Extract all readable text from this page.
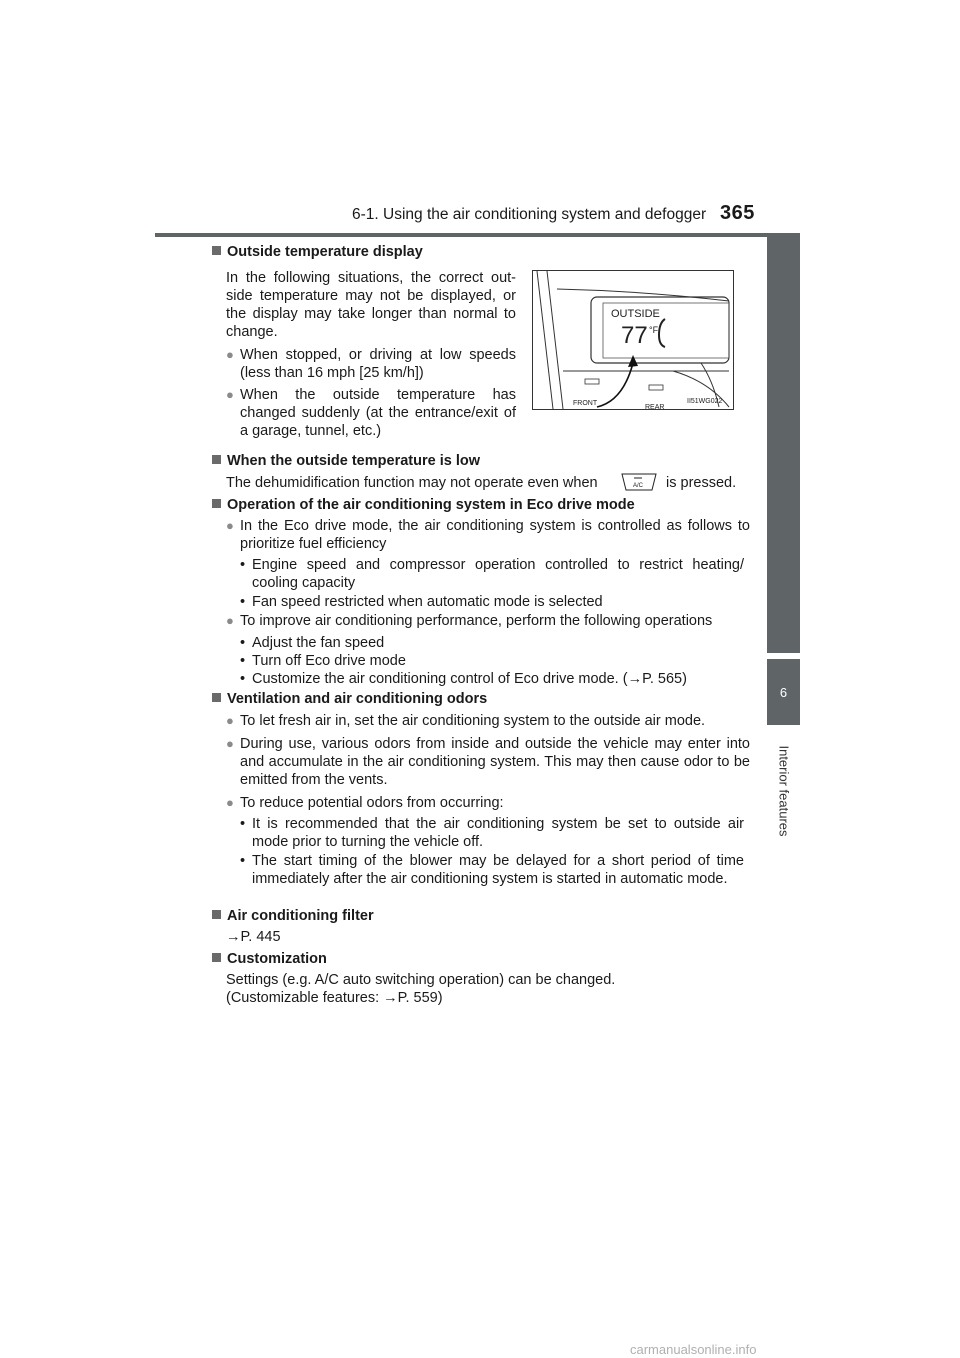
6-1. Using the air conditioning system and defogger 365
6
Interior features
Outside temperature display
In the following situations, the correct out-side temperature may not be displayed, or the display may take longer than normal to change.
● When stopped, or driving at low speeds (less than 16 mph [25 km/h])
● When the outside temperature has changed suddenly (at the entrance/exit of a garage, tunnel, etc.)
OUTSIDE
77 °F
FRONT
REAR
II51WG022
When the outside temperature is low
The dehumidification function may not operate even when	A/C is pressed.
Operation of the air conditioning system in Eco drive mode
● In the Eco drive mode, the air conditioning system is controlled as follows to prioritize fuel efficiency
• Engine speed and compressor operation controlled to restrict heating/ cooling capacity
• Fan speed restricted when automatic mode is selected
● To improve air conditioning performance, perform the following operations
• Adjust the fan speed
• Turn off Eco drive mode
• Customize the air conditioning control of Eco drive mode. (→P. 565)
Ventilation and air conditioning odors
● To let fresh air in, set the air conditioning system to the outside air mode.
● During use, various odors from inside and outside the vehicle may enter into and accumulate in the air conditioning system. This may then cause odor to be emitted from the vents.
● To reduce potential odors from occurring:
• It is recommended that the air conditioning system be set to outside air mode prior to turning the vehicle off.
• The start timing of the blower may be delayed for a short period of time immediately after the air conditioning system is started in automatic mode.
Air conditioning filter
→P. 445
Customization
Settings (e.g. A/C auto switching operation) can be changed.
(Customizable features: →P. 559)
carmanualsonline.info
